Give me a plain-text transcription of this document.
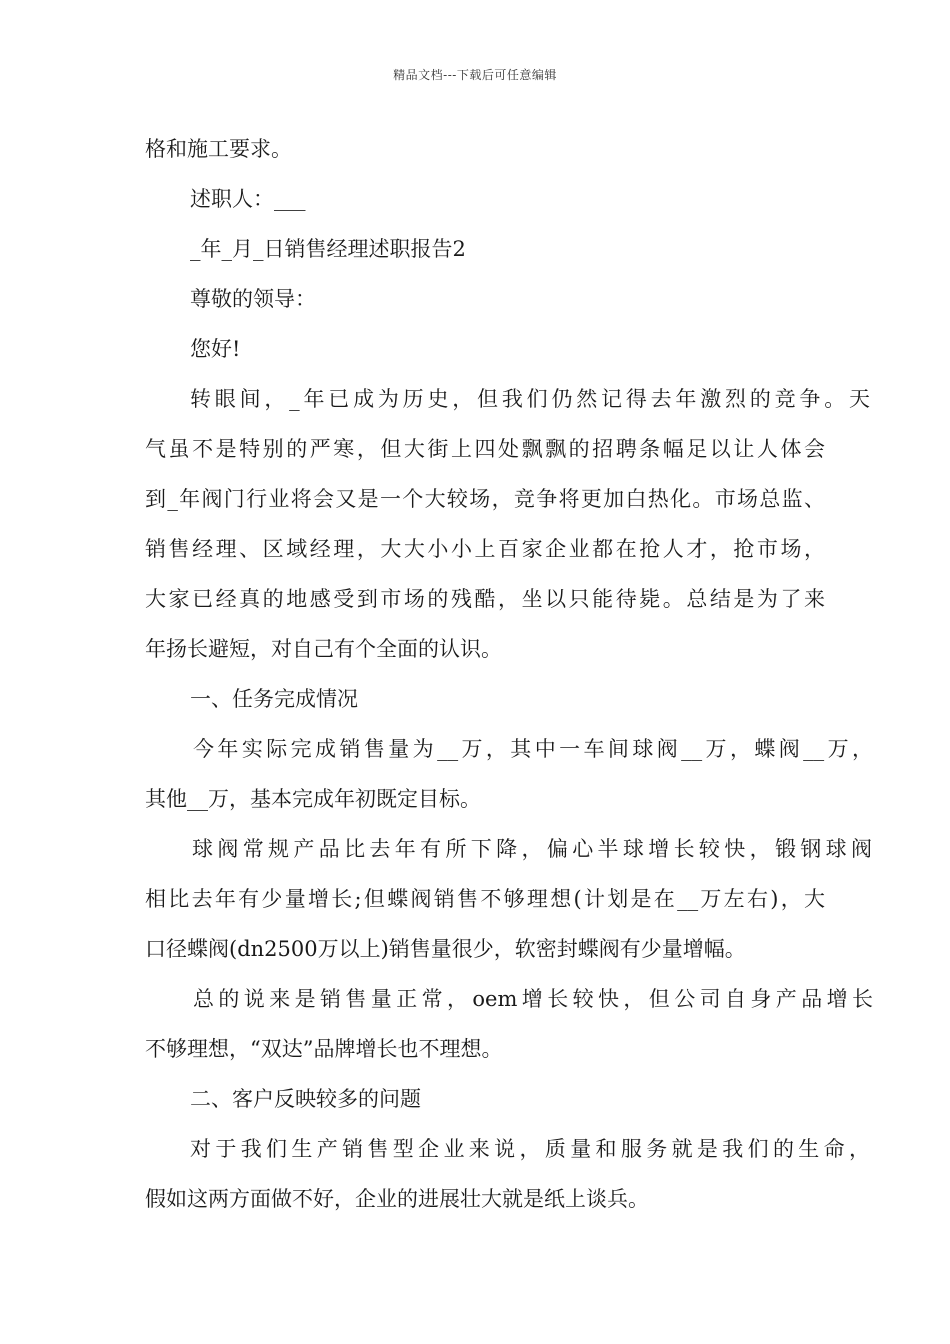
精品文档---下载后可任意编辑
格和施工要求。
述职人：___
_年_月_日销售经理述职报告2
尊敬的领导：
您好!
转眼间，_年已成为历史，但我们仍然记得去年激烈的竞争。天
气虽不是特别的严寒，但大街上四处飘飘的招聘条幅足以让人体会
到_年阀门行业将会又是一个大较场，竞争将更加白热化。市场总监、
销售经理、区域经理，大大小小上百家企业都在抢人才，抢市场，
大家已经真的地感受到市场的残酷，坐以只能待毙。总结是为了来
年扬长避短，对自己有个全面的认识。
一、任务完成情况
今年实际完成销售量为__万，其中一车间球阀__万，蝶阀__万，
其他__万，基本完成年初既定目标。
球阀常规产品比去年有所下降，偏心半球增长较快，锻钢球阀
相比去年有少量增长;但蝶阀销售不够理想(计划是在__万左右)，大
口径蝶阀(dn2500万以上)销售量很少，软密封蝶阀有少量增幅。
总的说来是销售量正常，oem增长较快，但公司自身产品增长
不够理想，“双达”品牌增长也不理想。
二、客户反映较多的问题
对于我们生产销售型企业来说，质量和服务就是我们的生命，
假如这两方面做不好，企业的进展壮大就是纸上谈兵。
